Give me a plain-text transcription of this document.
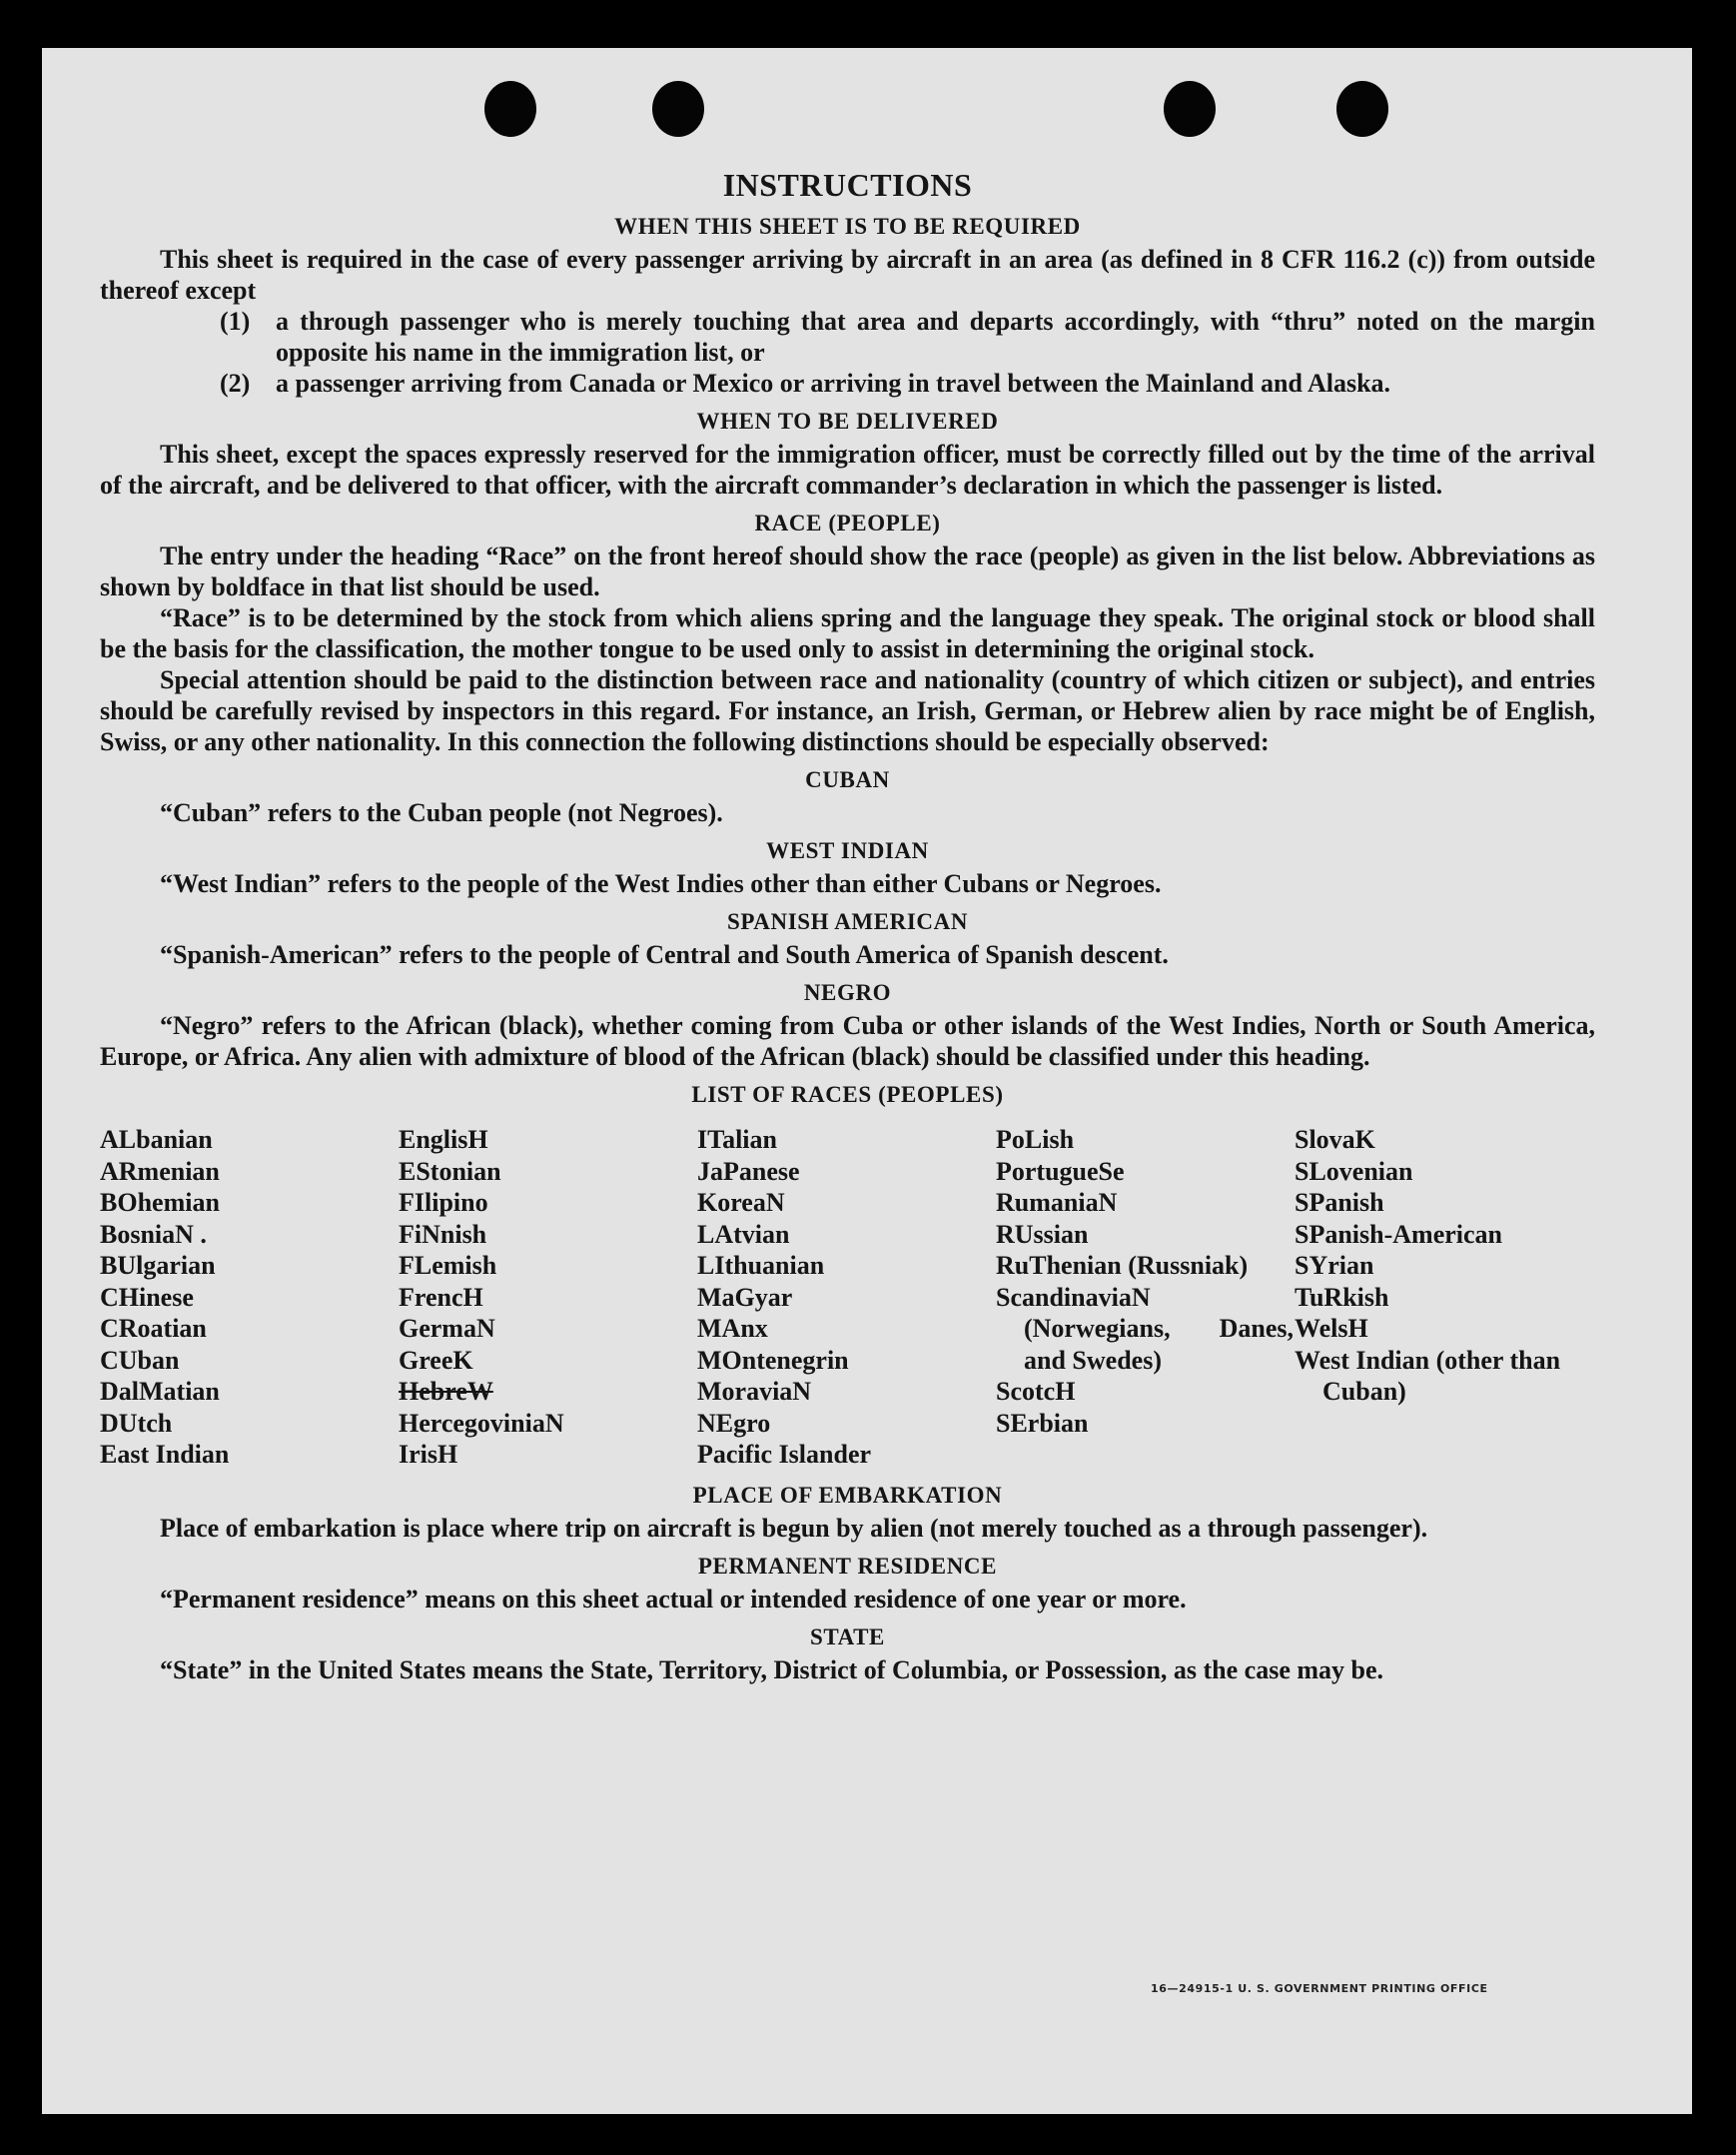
INSTRUCTIONS
WHEN THIS SHEET IS TO BE REQUIRED

This sheet is required in the case of every passenger arriving by aircraft in an area (as defined in 8 CFR 116.2 (c)) from outside thereof except

(1) a through passenger who is merely touching that area and departs accordingly, with “thru” noted on the margin opposite his name in the immigration list, or
(2) a passenger arriving from Canada or Mexico or arriving in travel between the Mainland and Alaska.
WHEN TO BE DELIVERED

This sheet, except the spaces expressly reserved for the immigration officer, must be correctly filled out by the time of the arrival of the aircraft, and be delivered to that officer, with the aircraft commander’s declaration in which the passenger is listed.

RACE (PEOPLE)

The entry under the heading “Race” on the front hereof should show the race (people) as given in the list below. Abbreviations as shown by boldface in that list should be used.

“Race” is to be determined by the stock from which aliens spring and the language they speak. The original stock or blood shall be the basis for the classification, the mother tongue to be used only to assist in determining the original stock.

Special attention should be paid to the distinction between race and nationality (country of which citizen or subject), and entries should be carefully revised by inspectors in this regard. For instance, an Irish, German, or Hebrew alien by race might be of English, Swiss, or any other nationality. In this connection the following distinctions should be especially observed:

CUBAN

“Cuban” refers to the Cuban people (not Negroes).

WEST INDIAN

“West Indian” refers to the people of the West Indies other than either Cubans or Negroes.

SPANISH AMERICAN

“Spanish-American” refers to the people of Central and South America of Spanish descent.

NEGRO

“Negro” refers to the African (black), whether coming from Cuba or other islands of the West Indies, North or South America, Europe, or Africa. Any alien with admixture of blood of the African (black) should be classified under this heading.

LIST OF RACES (PEOPLES)
ALbanian
ARmenian
BOhemian
BosniaN .
BUlgarian
CHinese
CRoatian
CUban
DalMatian
DUtch
East Indian
EnglisH
EStonian
FIlipino
FiNnish
FLemish
FrencH
GermaN
GreeK
HebreW
HercegoviniaN
IrisH
ITalian
JaPanese
KoreaN
LAtvian
LIthuanian
MaGyar
MAnx
MOntenegrin
MoraviaN
NEgro
Pacific Islander
PoLish
PortugueSe
RumaniaN
RUssian
RuThenian (Russniak)
ScandinaviaN (Norwegians, Danes, and Swedes)
ScotcH
SErbian
SlovaK
SLovenian
SPanish
SPanish-American
SYrian
TuRkish
WelsH
West Indian (other than Cuban)
PLACE OF EMBARKATION

Place of embarkation is place where trip on aircraft is begun by alien (not merely touched as a through passenger).

PERMANENT RESIDENCE

“Permanent residence” means on this sheet actual or intended residence of one year or more.

STATE

“State” in the United States means the State, Territory, District of Columbia, or Possession, as the case may be.

16—24915-1 U. S. GOVERNMENT PRINTING OFFICE
